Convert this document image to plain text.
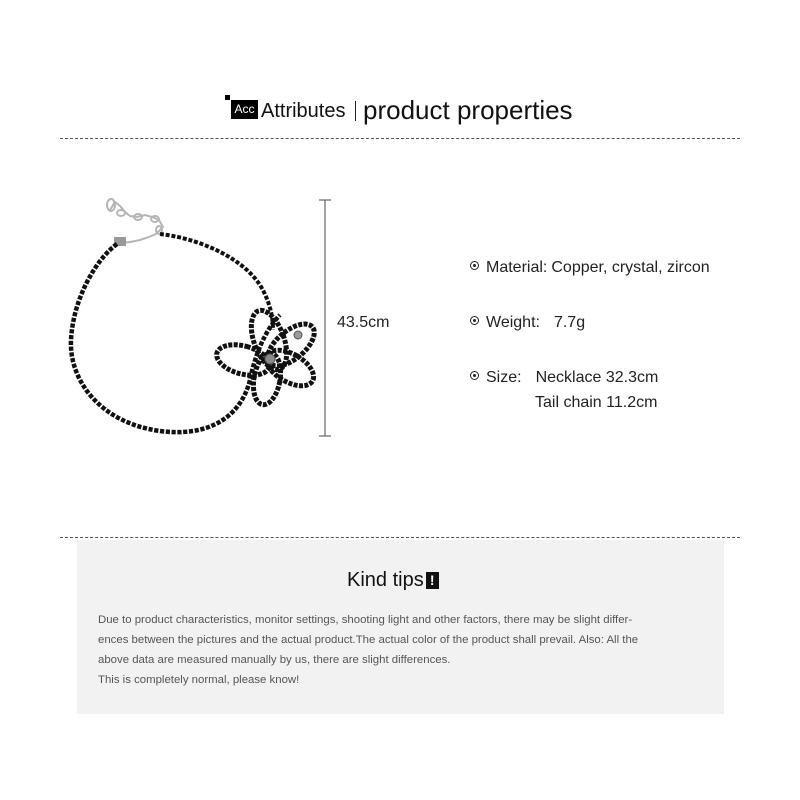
Acc Attributes product properties
43.5cm
Material: Copper, crystal, zircon
Weight: 7.7g
Size: Necklace 32.3cm
Tail chain 11.2cm
Kind tips !

Due to product characteristics, monitor settings, shooting light and other factors, there may be slight differ-

ences between the pictures and the actual product.The actual color of the product shall prevail. Also: All the

above data are measured manually by us, there are slight differences.

This is completely normal, please know!
